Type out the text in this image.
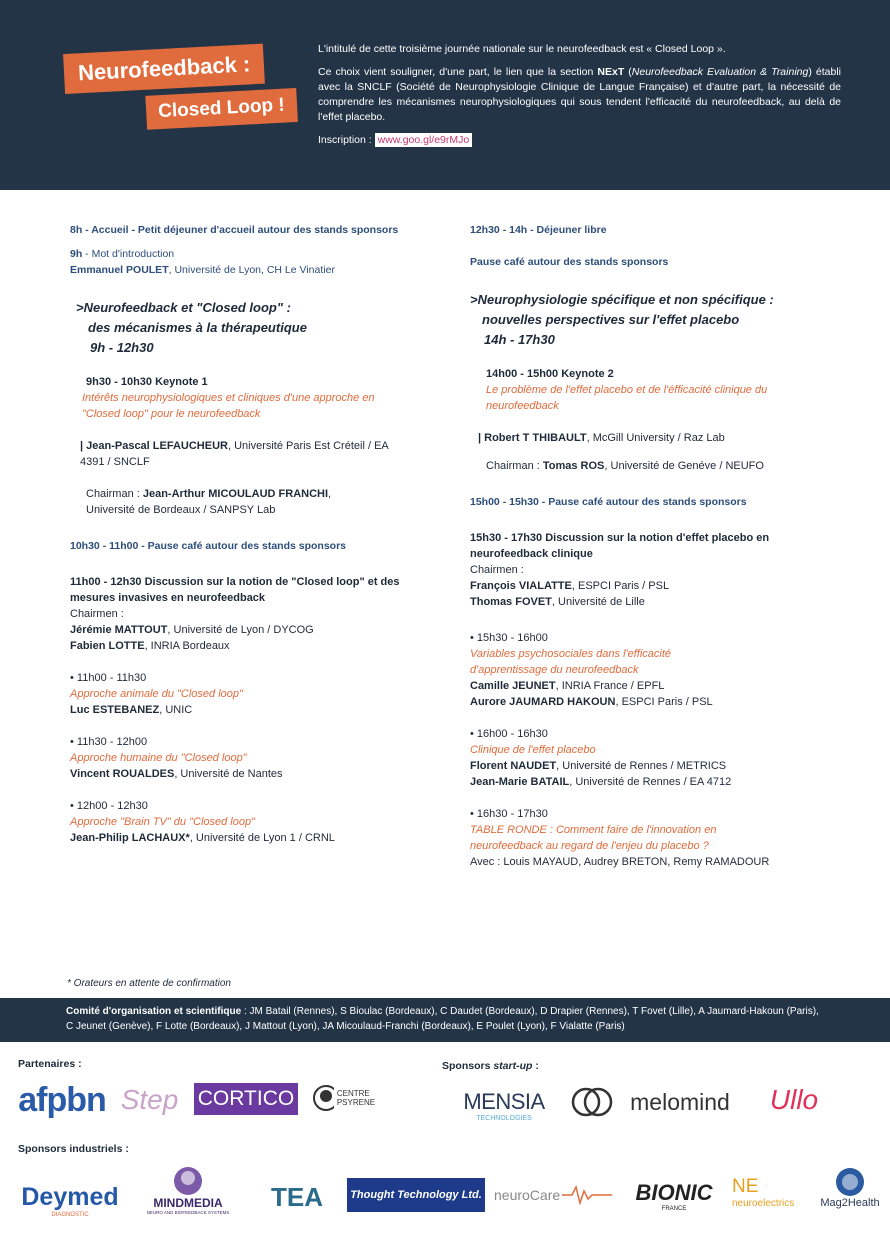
Neurofeedback :
Closed Loop !

L'intitulé de cette troisième journée nationale sur le neurofeedback est « Closed Loop ».

Ce choix vient souligner, d'une part, le lien que la section NExT (Neurofeedback Evaluation & Training) établi avec la SNCLF (Société de Neurophysiologie Clinique de Langue Française) et d'autre part, la nécessité de comprendre les mécanismes neurophysiologiques qui sous tendent l'efficacité du neurofeedback, au delà de l'effet placebo.

Inscription : www.goo.gl/e9rMJo

8h - Accueil - Petit déjeuner d'accueil autour des stands sponsors
9h - Mot d'introduction
Emmanuel POULET, Université de Lyon, CH Le Vinatier
>Neurofeedback et "Closed loop" :
des mécanismes à la thérapeutique
9h - 12h30
9h30 - 10h30 Keynote 1
Intérêts neurophysiologiques et cliniques d'une approche en "Closed loop" pour le neurofeedback
| Jean-Pascal LEFAUCHEUR, Université Paris Est Créteil / EA 4391 / SNCLF
Chairman : Jean-Arthur MICOULAUD FRANCHI, Université de Bordeaux / SANPSY Lab
10h30 - 11h00 - Pause café autour des stands sponsors
11h00 - 12h30 Discussion sur la notion de "Closed loop" et des mesures invasives en neurofeedback
Chairmen :
Jérémie MATTOUT, Université de Lyon / DYCOG
Fabien LOTTE, INRIA Bordeaux
• 11h00 - 11h30
Approche animale du "Closed loop"
Luc ESTEBANEZ, UNIC
• 11h30 - 12h00
Approche humaine du "Closed loop"
Vincent ROUALDES, Université de Nantes
• 12h00 - 12h30
Approche "Brain TV" du "Closed loop"
Jean-Philip LACHAUX*, Université de Lyon 1 / CRNL
12h30 - 14h - Déjeuner libre
Pause café autour des stands sponsors
>Neurophysiologie spécifique et non spécifique :
nouvelles perspectives sur l'effet placebo
14h - 17h30
14h00 - 15h00 Keynote 2
Le problème de l'effet placebo et de l'éfficacité clinique du neurofeedback
| Robert T THIBAULT, McGill University / Raz Lab
Chairman : Tomas ROS, Université de Genéve / NEUFO
15h00 - 15h30 - Pause café autour des stands sponsors
15h30 - 17h30 Discussion sur la notion d'effet placebo en neurofeedback clinique
Chairmen :
François VIALATTE, ESPCI Paris / PSL
Thomas FOVET, Université de Lille
• 15h30 - 16h00
Variables psychosociales dans l'efficacité d'apprentissage du neurofeedback
Camille JEUNET, INRIA France / EPFL
Aurore JAUMARD HAKOUN, ESPCI Paris / PSL
• 16h00 - 16h30
Clinique de l'effet placebo
Florent NAUDET, Université de Rennes / METRICS
Jean-Marie BATAIL, Université de Rennes / EA 4712
• 16h30 - 17h30
TABLE RONDE : Comment faire de l'innovation en neurofeedback au regard de l'enjeu du placebo ?
Avec : Louis MAYAUD, Audrey BRETON, Remy RAMADOUR
* Orateurs en attente de confirmation
Comité d'organisation et scientifique : JM Batail (Rennes), S Bioulac (Bordeaux), C Daudet (Bordeaux), D Drapier (Rennes), T Fovet (Lille), A Jaumard-Hakoun (Paris), C Jeunet (Genève), F Lotte (Bordeaux), J Mattout (Lyon), JA Micoulaud-Franchi (Bordeaux), E Poulet (Lyon), F Vialatte (Paris)
Partenaires :
afpbn Step CORTICO	CENTRE PSYRENE
Sponsors start-up :
MENSIA
TECHNOLOGIES
melomind	Ullo
Sponsors industriels :
Deymed
DIAGNOSTIC
MINDMEDIA
NEURO AND BIOFEEDBACK SYSTEMS
TEA	Thought Technology Ltd. neuroCare	BIONIC
FRANCE
NE
neuroelectrics Mag2Health
